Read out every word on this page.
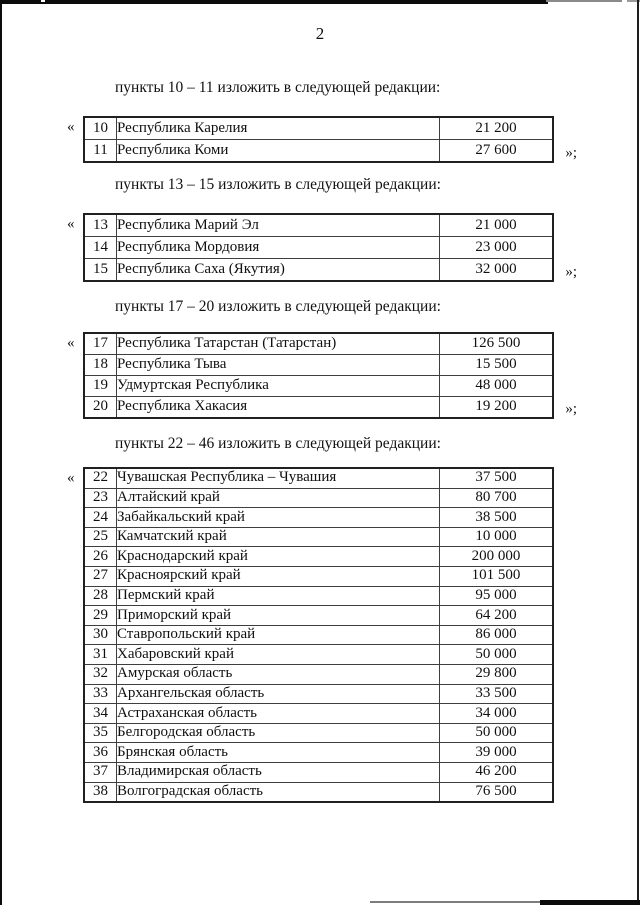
2

пункты 10 – 11 изложить в следующей редакции:

« 10	Республика Карелия	21 200
11	Республика Коми	27 600	»;

пункты 13 – 15 изложить в следующей редакции:

« 13	Республика Марий Эл	21 000
14	Республика Мордовия	23 000
15	Республика Саха (Якутия)	32 000	»;

пункты 17 – 20 изложить в следующей редакции:

« 17	Республика Татарстан (Татарстан)	126 500
18	Республика Тыва	15 500
19	Удмуртская Республика	48 000
20	Республика Хакасия	19 200	»;

пункты 22 – 46 изложить в следующей редакции:

« 22	Чувашская Республика – Чувашия	37 500
23	Алтайский край	80 700
24	Забайкальский край	38 500
25	Камчатский край	10 000
26	Краснодарский край	200 000
27	Красноярский край	101 500
28	Пермский край	95 000
29	Приморский край	64 200
30	Ставропольский край	86 000
31	Хабаровский край	50 000
32	Амурская область	29 800
33	Архангельская область	33 500
34	Астраханская область	34 000
35	Белгородская область	50 000
36	Брянская область	39 000
37	Владимирская область	46 200
38	Волгоградская область	76 500
